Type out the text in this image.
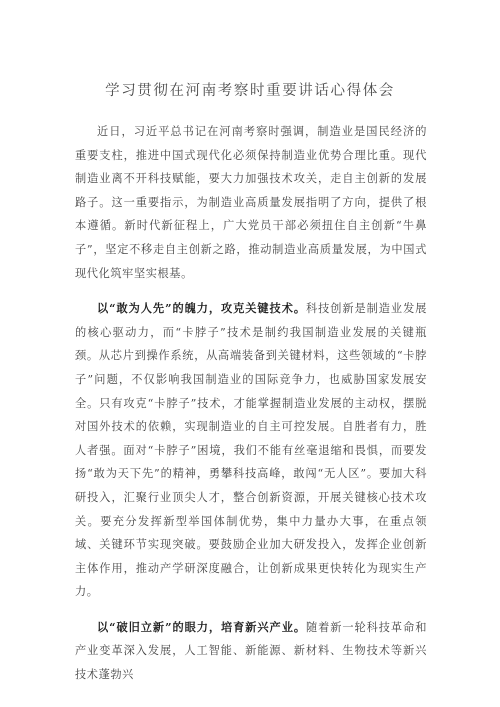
学习贯彻在河南考察时重要讲话心得体会

近日，习近平总书记在河南考察时强调，制造业是国民经济的重要支柱，推进中国式现代化必须保持制造业优势合理比重。现代制造业离不开科技赋能，要大力加强技术攻关，走自主创新的发展路子。这一重要指示，为制造业高质量发展指明了方向，提供了根本遵循。新时代新征程上，广大党员干部必须扭住自主创新“牛鼻子”，坚定不移走自主创新之路，推动制造业高质量发展，为中国式现代化筑牢坚实根基。

以“敢为人先”的魄力，攻克关键技术。科技创新是制造业发展的核心驱动力，而“卡脖子”技术是制约我国制造业发展的关键瓶颈。从芯片到操作系统，从高端装备到关键材料，这些领域的“卡脖子”问题，不仅影响我国制造业的国际竞争力，也威胁国家发展安全。只有攻克“卡脖子”技术，才能掌握制造业发展的主动权，摆脱对国外技术的依赖，实现制造业的自主可控发展。自胜者有力，胜人者强。面对“卡脖子”困境，我们不能有丝毫退缩和畏惧，而要发扬“敢为天下先”的精神，勇攀科技高峰，敢闯“无人区”。要加大科研投入，汇聚行业顶尖人才，整合创新资源，开展关键核心技术攻关。要充分发挥新型举国体制优势，集中力量办大事，在重点领域、关键环节实现突破。要鼓励企业加大研发投入，发挥企业创新主体作用，推动产学研深度融合，让创新成果更快转化为现实生产力。

以“破旧立新”的眼力，培育新兴产业。随着新一轮科技革命和产业变革深入发展，人工智能、新能源、新材料、生物技术等新兴技术蓬勃兴
